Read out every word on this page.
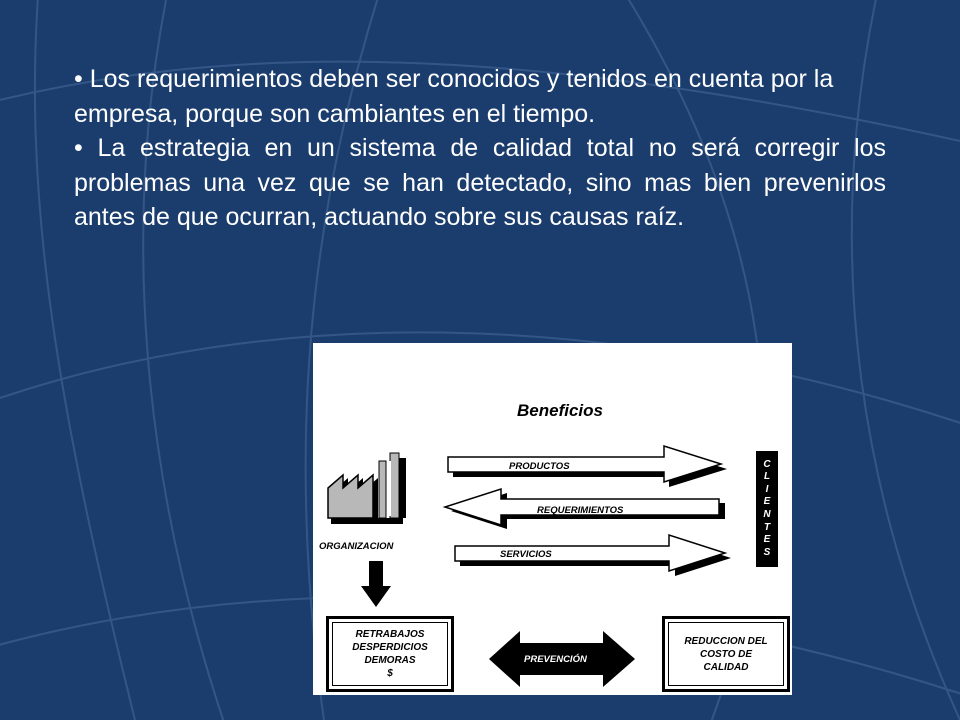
• Los requerimientos deben ser conocidos y tenidos en cuenta por la empresa, porque son cambiantes en el tiempo.

• La estrategia en un sistema de calidad total no será corregir los problemas una vez que se han detectado, sino mas bien prevenirlos antes de que ocurran, actuando sobre sus causas raíz.

Beneficios
ORGANIZACION
PRODUCTOS
REQUERIMIENTOS
SERVICIOS
PREVENCIÓN
C
L
I
E
N
T
E
S
RETRABAJOS
DESPERDICIOS
DEMORAS
$
REDUCCION DEL
COSTO DE
CALIDAD
